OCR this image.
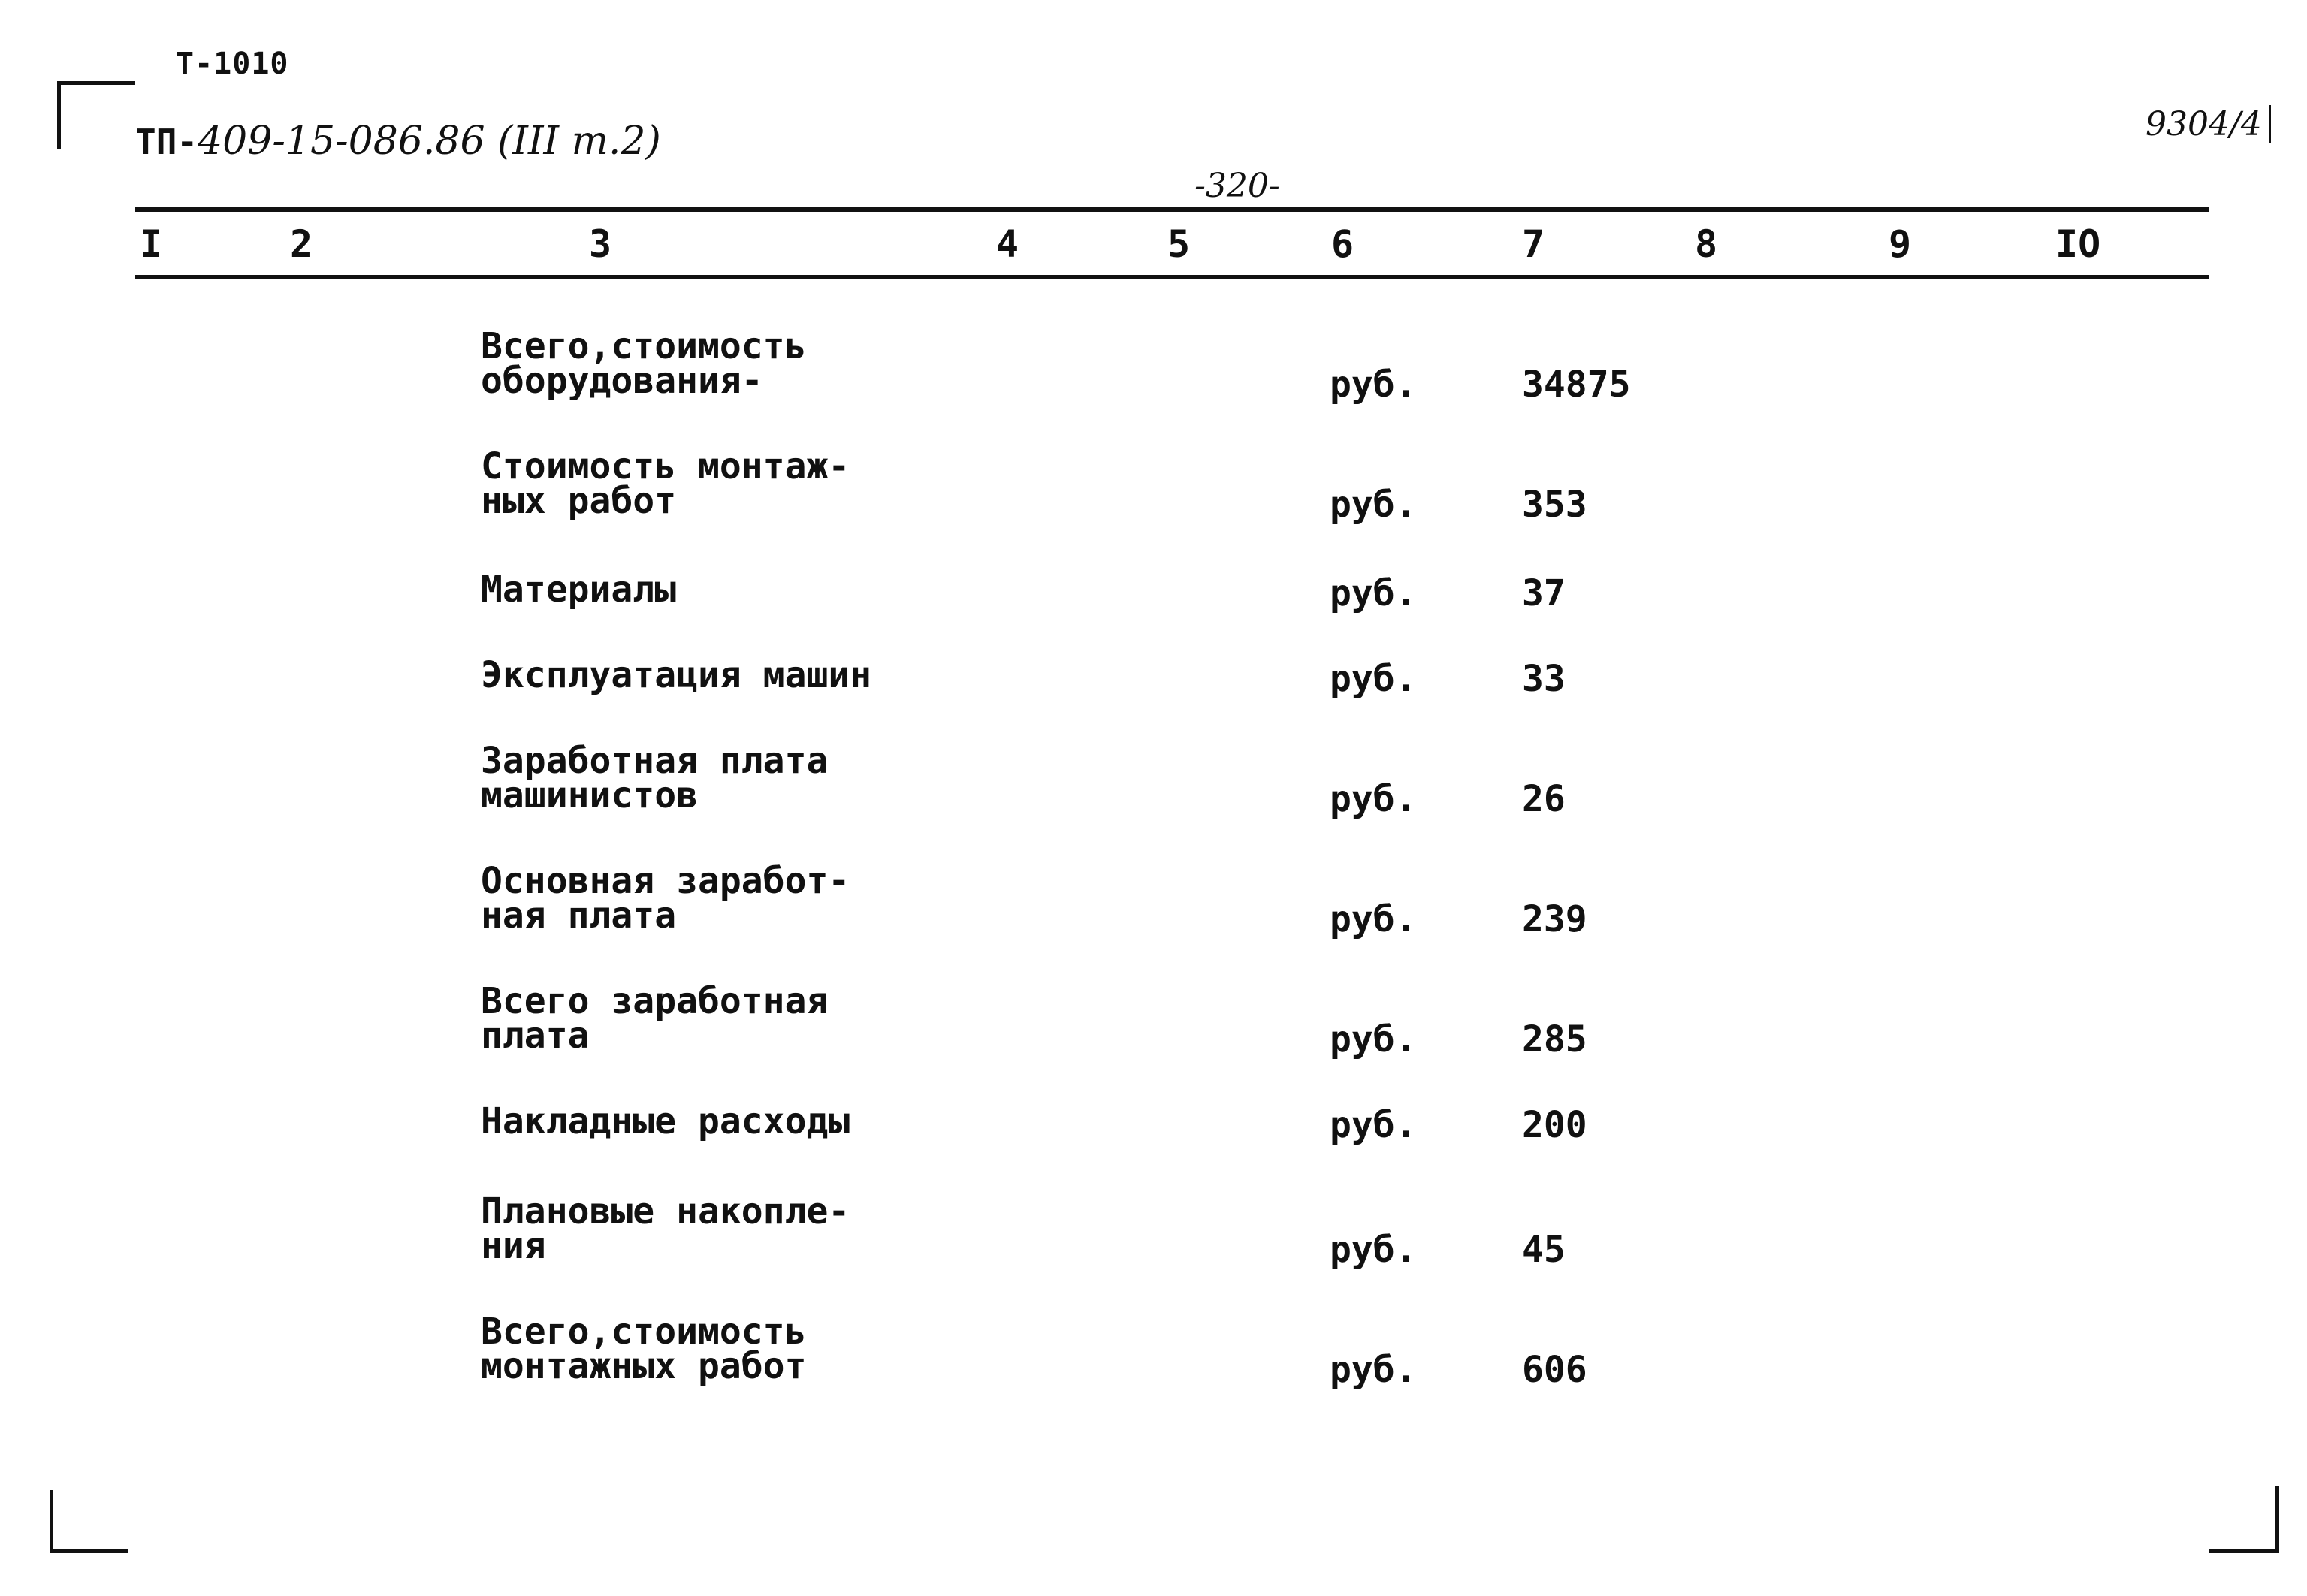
Т-1010
ТП-409-15-086.86 (III т.2)
-320-
9304/4
I	2	3	4	5	6	7	8	9	IO
Всего,стоимость
оборудования-	руб.	34875
Стоимость монтаж-
ных работ	руб.	353
Материалы	руб.	37
Эксплуатация машин	руб.	33
Заработная плата
машинистов	руб.	26
Основная заработ-
ная плата	руб.	239
Всего заработная
плата	руб.	285
Накладные расходы	руб.	200
Плановые накопле-
ния	руб.	45
Всего,стоимость
монтажных работ	руб.	606
